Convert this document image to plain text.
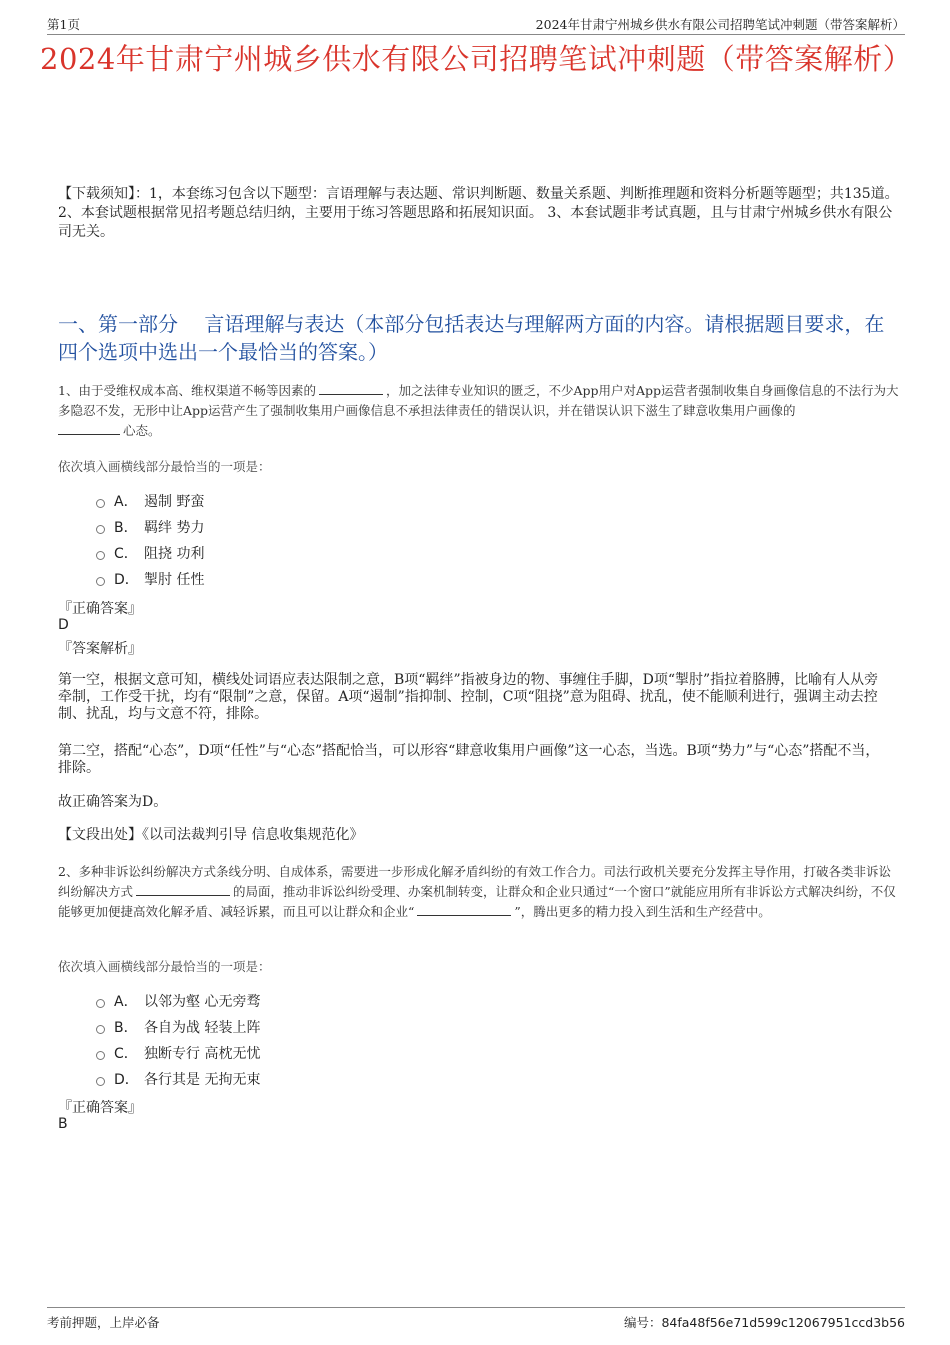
第1页	2024年甘肃宁州城乡供水有限公司招聘笔试冲刺题（带答案解析）
2024年甘肃宁州城乡供水有限公司招聘笔试冲刺题（带答案解析）
【下载须知】：1，本套练习包含以下题型：言语理解与表达题、常识判断题、数量关系题、判断推理题和资料分析题等题型；共135道。 2、本套试题根据常见招考题总结归纳，主要用于练习答题思路和拓展知识面。 3、本套试题非考试真题，且与甘肃宁州城乡供水有限公司无关。
一、第一部分　 言语理解与表达（本部分包括表达与理解两方面的内容。请根据题目要求，在四个选项中选出一个最恰当的答案。）
1、由于受维权成本高、维权渠道不畅等因素的	，加之法律专业知识的匮乏，不少App用户对App运营者强制收集自身画像信息的不法行为大多隐忍不发，无形中让App运营产生了强制收集用户画像信息不承担法律责任的错误认识，并在错误认识下滋生了肆意收集用户画像的
心态。
依次填入画横线部分最恰当的一项是：
A． 遏制 野蛮
B． 羁绊 势力
C． 阻挠 功利
D． 掣肘 任性
『正确答案』
D
『答案解析』
第一空，根据文意可知，横线处词语应表达限制之意，B项“羁绊”指被身边的物、事缠住手脚，D项“掣肘”指拉着胳膊，比喻有人从旁牵制，工作受干扰，均有“限制”之意，保留。A项“遏制”指抑制、控制，C项“阻挠”意为阻碍、扰乱，使不能顺利进行，强调主动去控制、扰乱，均与文意不符，排除。
第二空，搭配“心态”，D项“任性”与“心态”搭配恰当，可以形容“肆意收集用户画像”这一心态，当选。B项“势力”与“心态”搭配不当，排除。
故正确答案为D。
【文段出处】《以司法裁判引导 信息收集规范化》
2、多种非诉讼纠纷解决方式条线分明、自成体系，需要进一步形成化解矛盾纠纷的有效工作合力。司法行政机关要充分发挥主导作用，打破各类非诉讼纠纷解决方式	的局面，推动非诉讼纠纷受理、办案机制转变，让群众和企业只通过“一个窗口”就能应用所有非诉讼方式解决纠纷，不仅能够更加便捷高效化解矛盾、减轻诉累，而且可以让群众和企业“	”，腾出更多的精力投入到生活和生产经营中。
依次填入画横线部分最恰当的一项是：
A． 以邻为壑 心无旁骛
B． 各自为战 轻装上阵
C． 独断专行 高枕无忧
D． 各行其是 无拘无束
『正确答案』
B
考前押题，上岸必备	编号：84fa48f56e71d599c12067951ccd3b56
